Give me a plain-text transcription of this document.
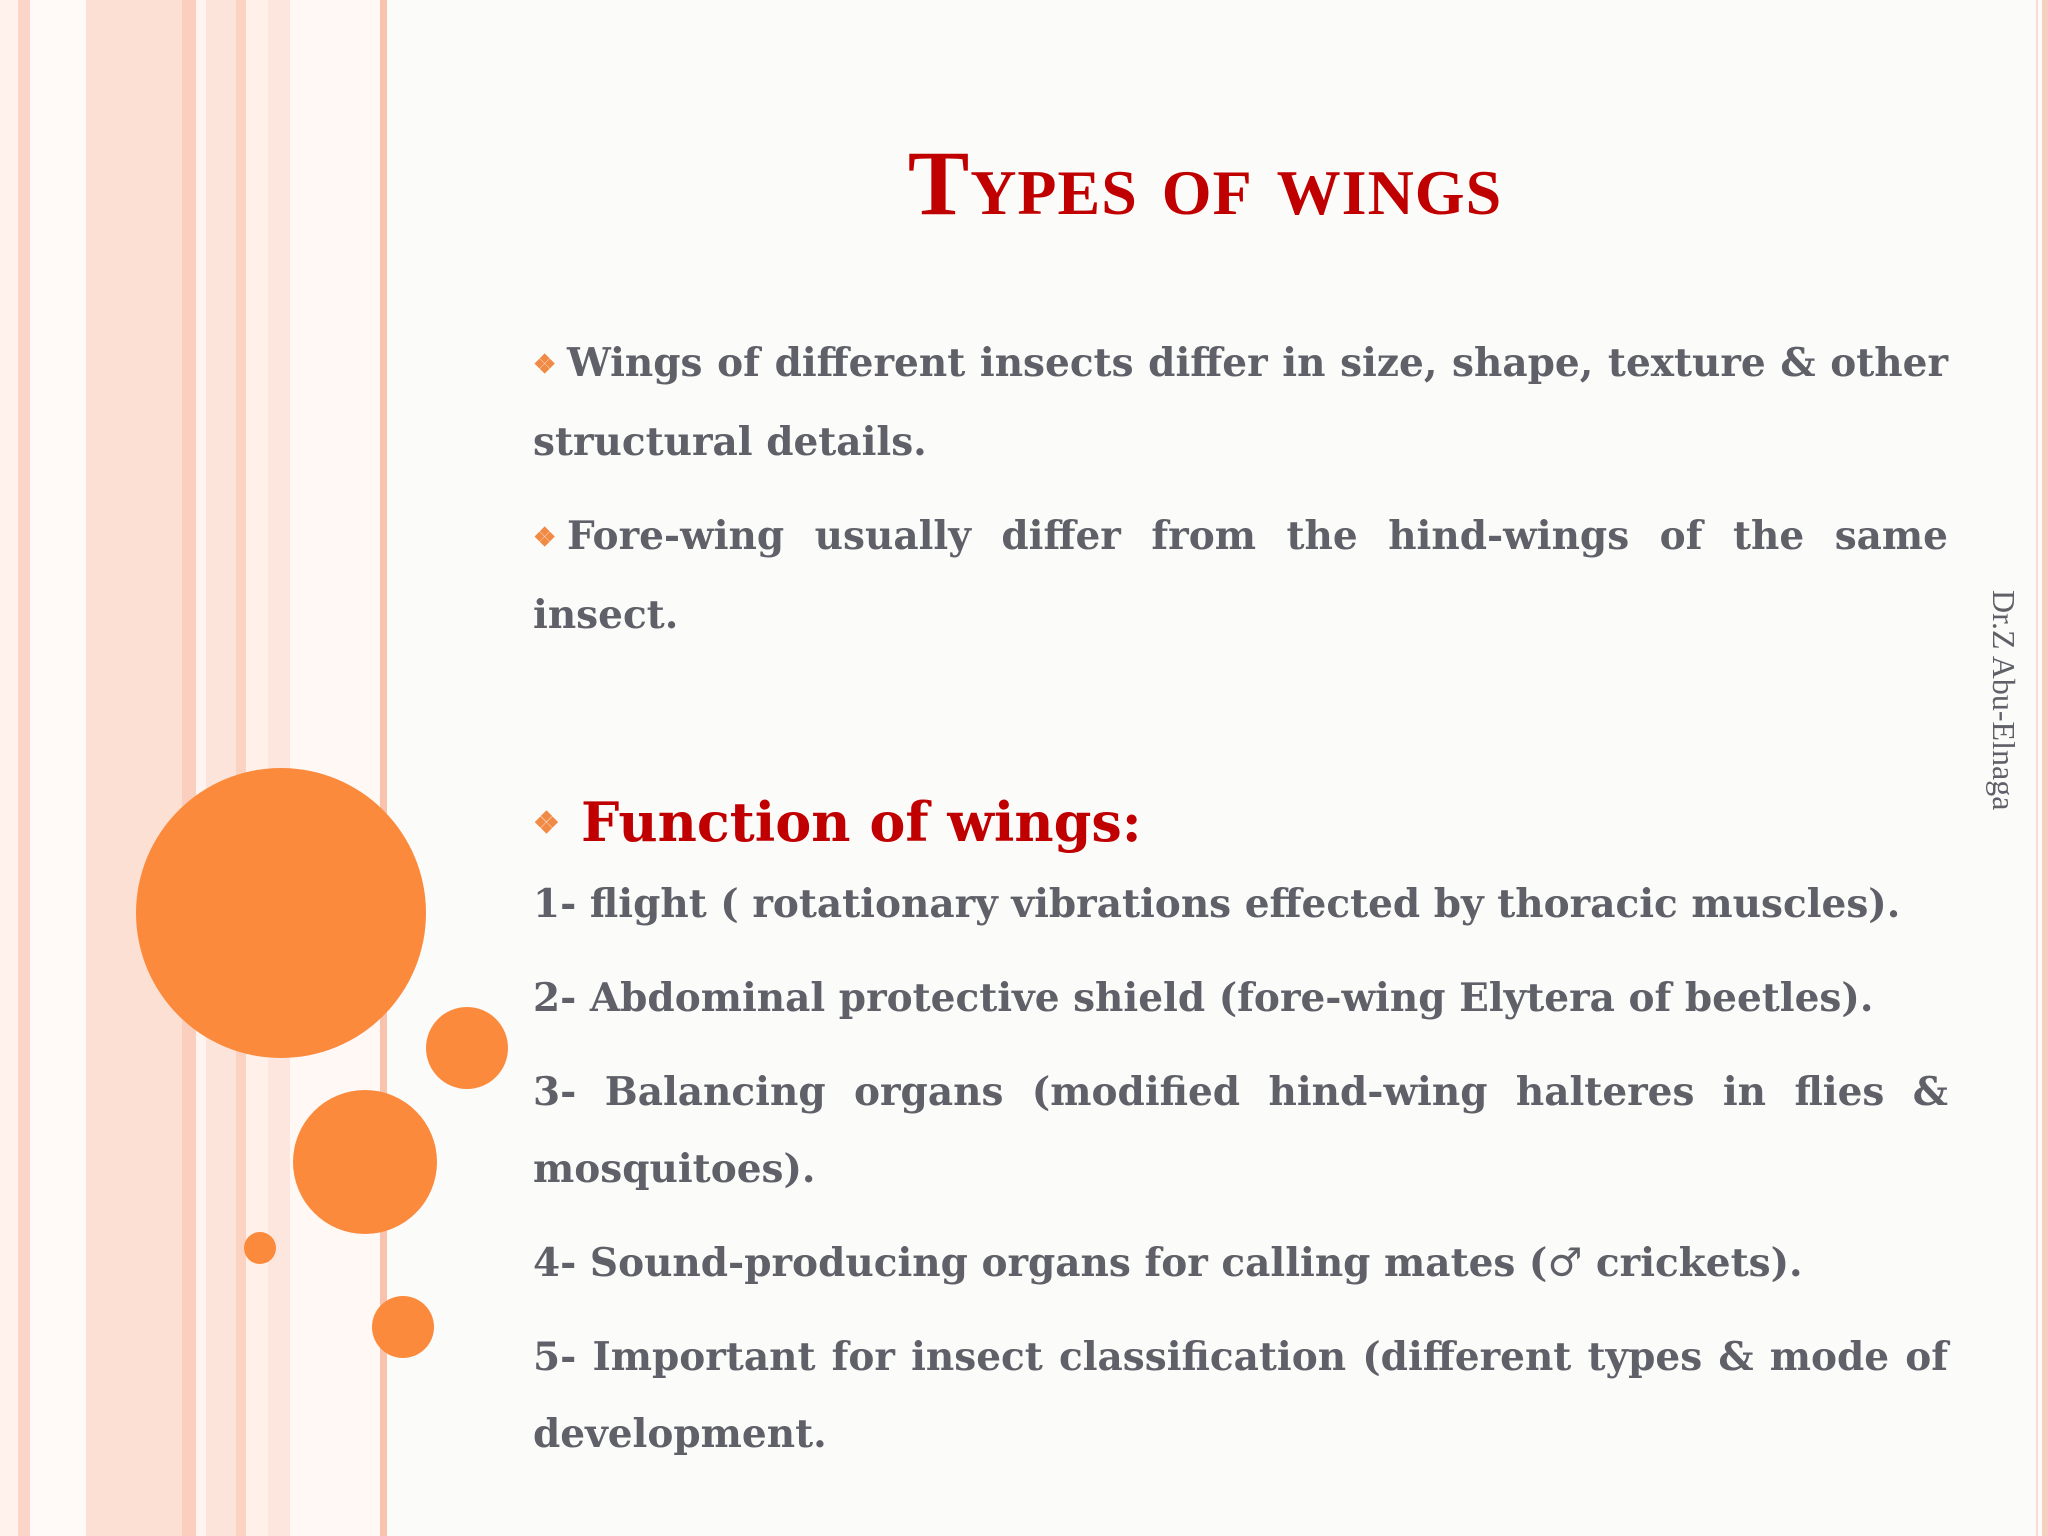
Types of wings

❖ Wings of different insects differ in size, shape, texture & other structural details.

❖ Fore-wing usually differ from the hind-wings of the same insect.

❖ Function of wings:

1- flight ( rotationary vibrations effected by thoracic muscles).

2- Abdominal protective shield (fore-wing Elytera of beetles).

3- Balancing organs (modified hind-wing halteres in flies & mosquitoes).

4- Sound-producing organs for calling mates (♂ crickets).

5- Important for insect classification (different types & mode of development.

Dr.Z Abu-Elnaga
